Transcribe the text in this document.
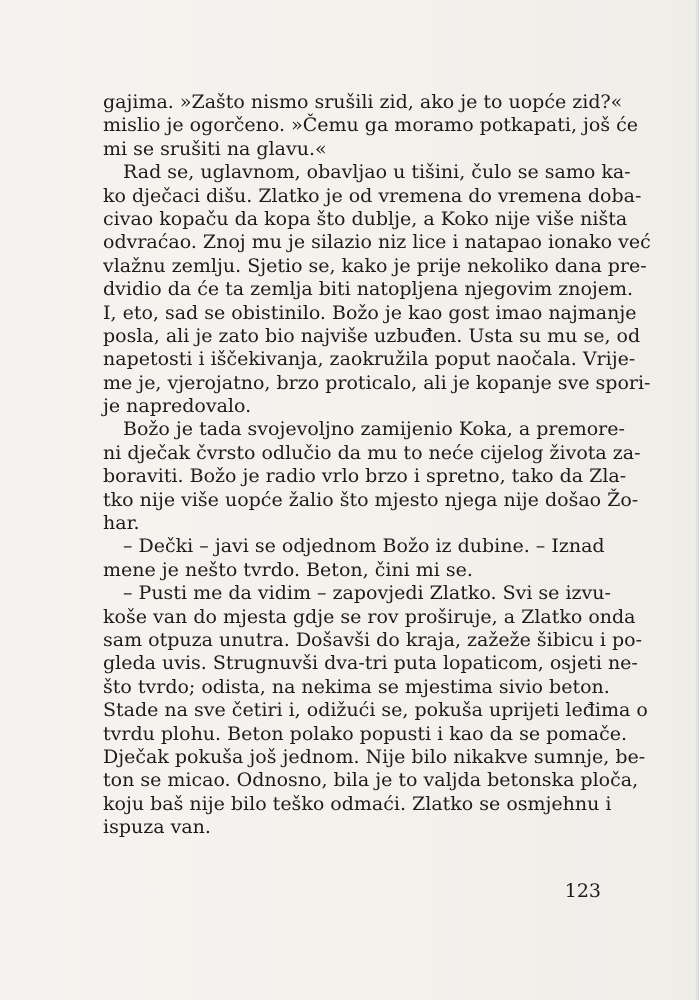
gajima. »Zašto nismo srušili zid, ako je to uopće zid?«
mislio je ogorčeno. »Čemu ga moramo potkapati, još će
mi se srušiti na glavu.«
Rad se, uglavnom, obavljao u tišini, čulo se samo ka-
ko dječaci dišu. Zlatko je od vremena do vremena doba-
civao kopaču da kopa što dublje, a Koko nije više ništa
odvraćao. Znoj mu je silazio niz lice i natapao ionako već
vlažnu zemlju. Sjetio se, kako je prije nekoliko dana pre-
dvidio da će ta zemlja biti natopljena njegovim znojem.
I, eto, sad se obistinilo. Božo je kao gost imao najmanje
posla, ali je zato bio najviše uzbuđen. Usta su mu se, od
napetosti i iščekivanja, zaokružila poput naočala. Vrije-
me je, vjerojatno, brzo proticalo, ali je kopanje sve spori-
je napredovalo.
Božo je tada svojevoljno zamijenio Koka, a premore-
ni dječak čvrsto odlučio da mu to neće cijelog života za-
boraviti. Božo je radio vrlo brzo i spretno, tako da Zla-
tko nije više uopće žalio što mjesto njega nije došao Žo-
har.
– Dečki – javi se odjednom Božo iz dubine. – Iznad
mene je nešto tvrdo. Beton, čini mi se.
– Pusti me da vidim – zapovjedi Zlatko. Svi se izvu-
koše van do mjesta gdje se rov proširuje, a Zlatko onda
sam otpuza unutra. Došavši do kraja, zažeže šibicu i po-
gleda uvis. Strugnuvši dva-tri puta lopaticom, osjeti ne-
što tvrdo; odista, na nekima se mjestima sivio beton.
Stade na sve četiri i, odižući se, pokuša uprijeti leđima o
tvrdu plohu. Beton polako popusti i kao da se pomače.
Dječak pokuša još jednom. Nije bilo nikakve sumnje, be-
ton se micao. Odnosno, bila je to valjda betonska ploča,
koju baš nije bilo teško odmaći. Zlatko se osmjehnu i
ispuza van.
123
